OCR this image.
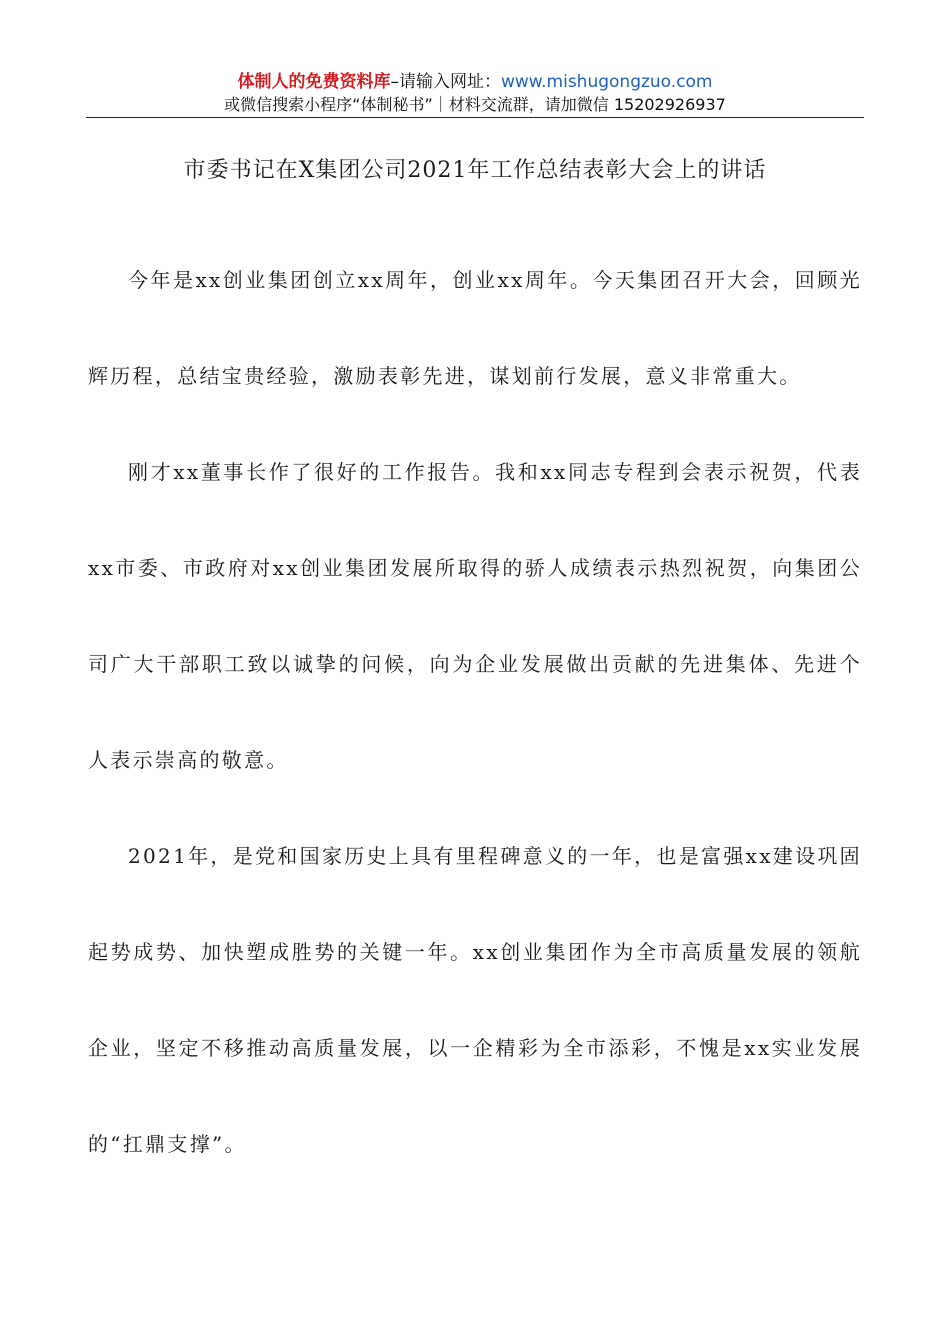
体制人的免费资料库–请输入网址：www.mishugongzuo.com
或微信搜索小程序“体制秘书”｜材料交流群，请加微信 15202926937
市委书记在X集团公司2021年工作总结表彰大会上的讲话

今年是xx创业集团创立xx周年，创业xx周年。今天集团召开大会，回顾光辉历程，总结宝贵经验，激励表彰先进，谋划前行发展，意义非常重大。

刚才xx董事长作了很好的工作报告。我和xx同志专程到会表示祝贺，代表xx市委、市政府对xx创业集团发展所取得的骄人成绩表示热烈祝贺，向集团公司广大干部职工致以诚挚的问候，向为企业发展做出贡献的先进集体、先进个人表示崇高的敬意。

2021年，是党和国家历史上具有里程碑意义的一年，也是富强xx建设巩固起势成势、加快塑成胜势的关键一年。xx创业集团作为全市高质量发展的领航企业，坚定不移推动高质量发展，以一企精彩为全市添彩，不愧是xx实业发展的“扛鼎支撑”。
